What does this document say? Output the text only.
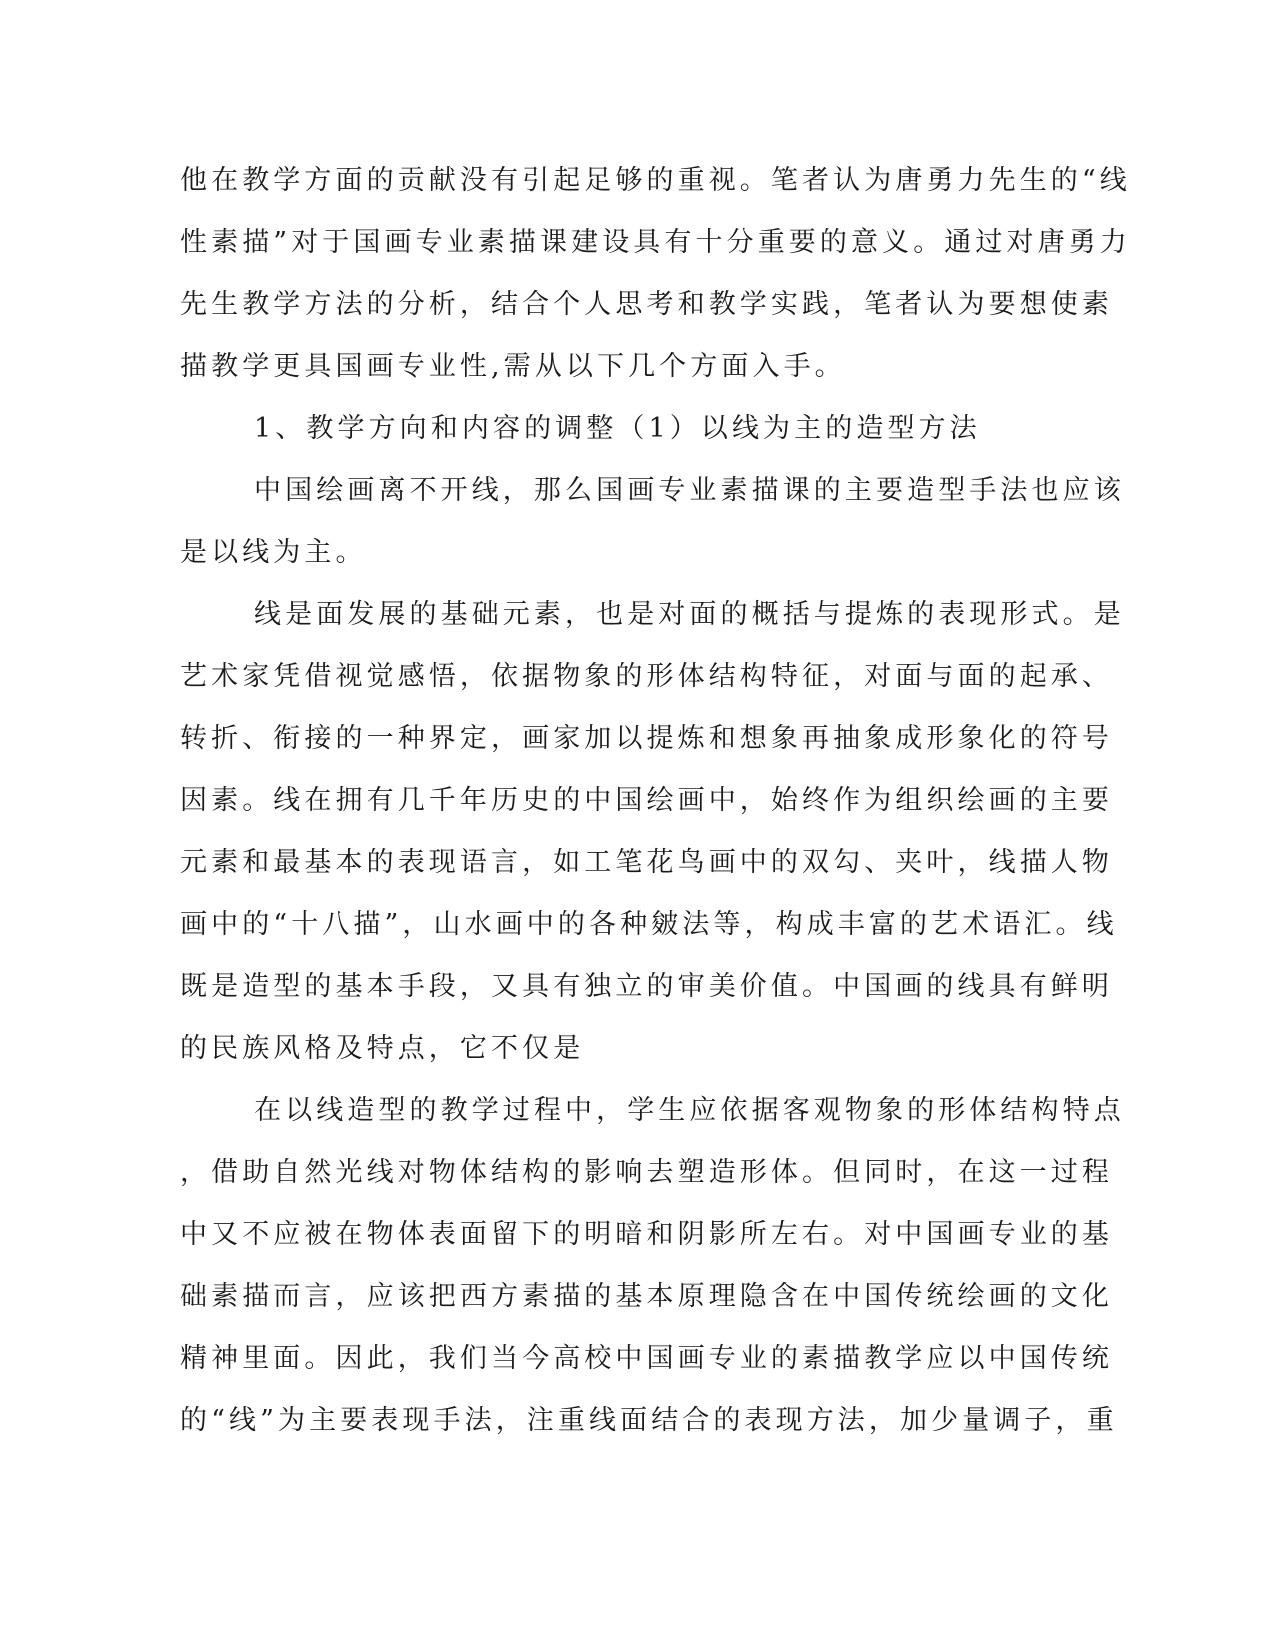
他在教学方面的贡献没有引起足够的重视。笔者认为唐勇力先生的“线
性素描”对于国画专业素描课建设具有十分重要的意义。通过对唐勇力
先生教学方法的分析，结合个人思考和教学实践，笔者认为要想使素
描教学更具国画专业性,需从以下几个方面入手。
1、教学方向和内容的调整（1）以线为主的造型方法
中国绘画离不开线，那么国画专业素描课的主要造型手法也应该
是以线为主。
线是面发展的基础元素，也是对面的概括与提炼的表现形式。是
艺术家凭借视觉感悟，依据物象的形体结构特征，对面与面的起承、
转折、衔接的一种界定，画家加以提炼和想象再抽象成形象化的符号
因素。线在拥有几千年历史的中国绘画中，始终作为组织绘画的主要
元素和最基本的表现语言，如工笔花鸟画中的双勾、夹叶，线描人物
画中的“十八描”，山水画中的各种皴法等，构成丰富的艺术语汇。线
既是造型的基本手段，又具有独立的审美价值。中国画的线具有鲜明
的民族风格及特点，它不仅是
在以线造型的教学过程中，学生应依据客观物象的形体结构特点
，借助自然光线对物体结构的影响去塑造形体。但同时，在这一过程
中又不应被在物体表面留下的明暗和阴影所左右。对中国画专业的基
础素描而言，应该把西方素描的基本原理隐含在中国传统绘画的文化
精神里面。因此，我们当今高校中国画专业的素描教学应以中国传统
的“线”为主要表现手法，注重线面结合的表现方法，加少量调子，重
